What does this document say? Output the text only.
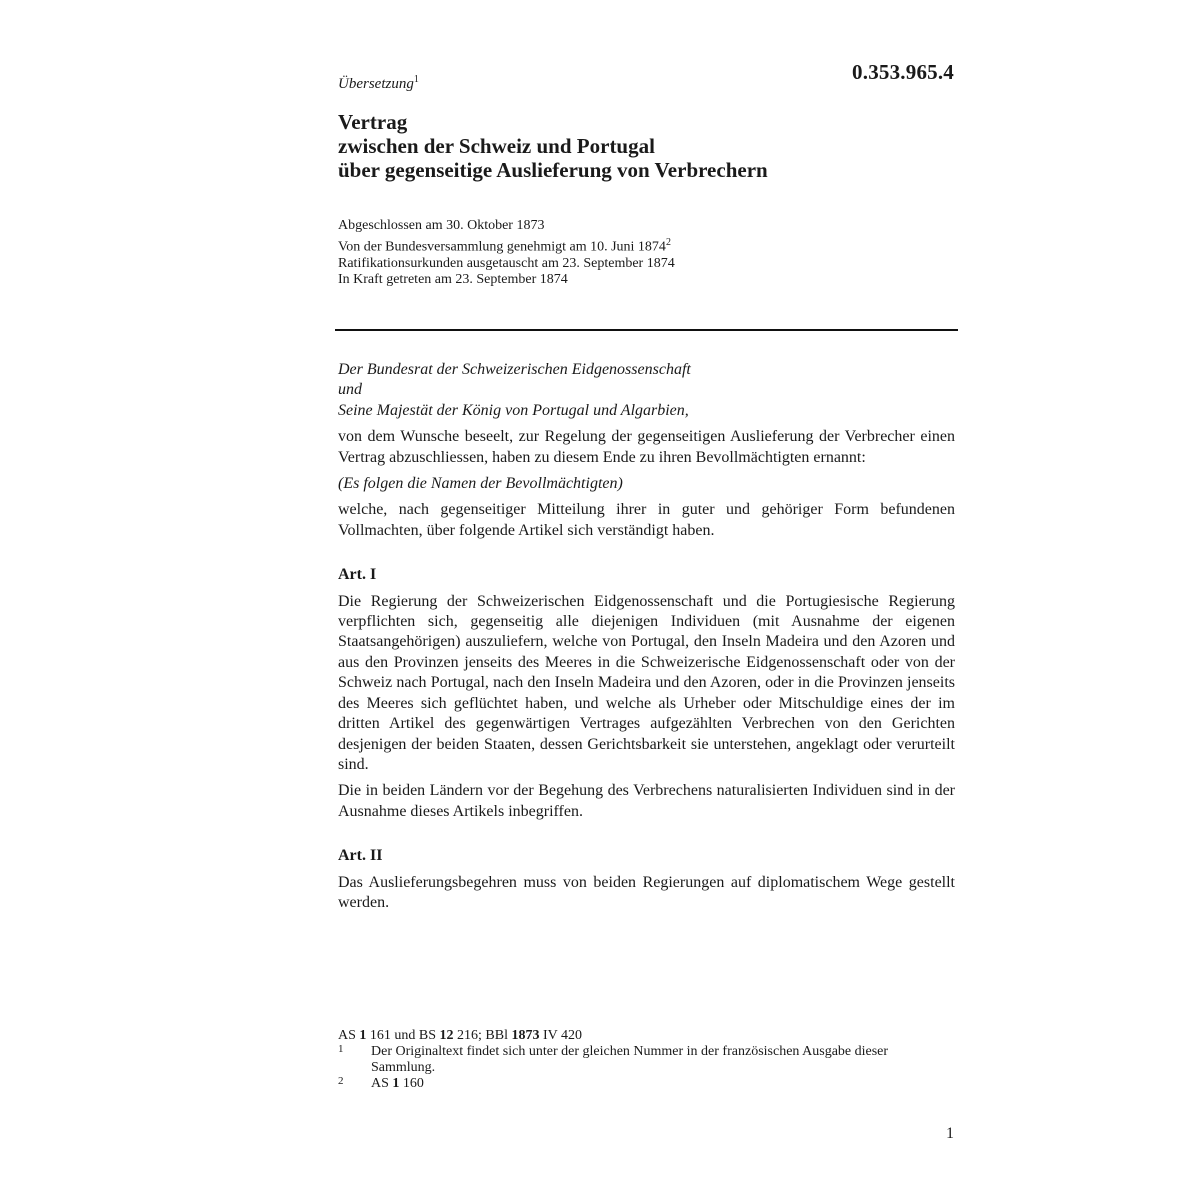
Übersetzung$^1$	0.353.965.4
Vertrag
zwischen der Schweiz und Portugal
über gegenseitige Auslieferung von Verbrechern
Abgeschlossen am 30. Oktober 1873
Von der Bundesversammlung genehmigt am 10. Juni 1874$^2$
Ratifikationsurkunden ausgetauscht am 23. September 1874
In Kraft getreten am 23. September 1874

Der Bundesrat der Schweizerischen Eidgenossenschaft

und

Seine Majestät der König von Portugal und Algarbien,

von dem Wunsche beseelt, zur Regelung der gegenseitigen Auslieferung der Verbrecher einen Vertrag abzuschliessen, haben zu diesem Ende zu ihren Bevollmächtigten ernannt:

(Es folgen die Namen der Bevollmächtigten)

welche, nach gegenseitiger Mitteilung ihrer in guter und gehöriger Form befundenen Vollmachten, über folgende Artikel sich verständigt haben.

Art. I

Die Regierung der Schweizerischen Eidgenossenschaft und die Portugiesische Regierung verpflichten sich, gegenseitig alle diejenigen Individuen (mit Ausnahme der eigenen Staatsangehörigen) auszuliefern, welche von Portugal, den Inseln Madeira und den Azoren und aus den Provinzen jenseits des Meeres in die Schweizerische Eidgenossenschaft oder von der Schweiz nach Portugal, nach den Inseln Madeira und den Azoren, oder in die Provinzen jenseits des Meeres sich geflüchtet haben, und welche als Urheber oder Mitschuldige eines der im dritten Artikel des gegenwärtigen Vertrages aufgezählten Verbrechen von den Gerichten desjenigen der beiden Staaten, dessen Gerichtsbarkeit sie unterstehen, angeklagt oder verurteilt sind.

Die in beiden Ländern vor der Begehung des Verbrechens naturalisierten Individuen sind in der Ausnahme dieses Artikels inbegriffen.

Art. II

Das Auslieferungsbegehren muss von beiden Regierungen auf diplomatischem Wege gestellt werden.

AS 1 161 und BS 12 216; BBl 1873 IV 420
1	Der Originaltext findet sich unter der gleichen Nummer in der französischen Ausgabe dieser Sammlung.
2	AS 1 160
1
